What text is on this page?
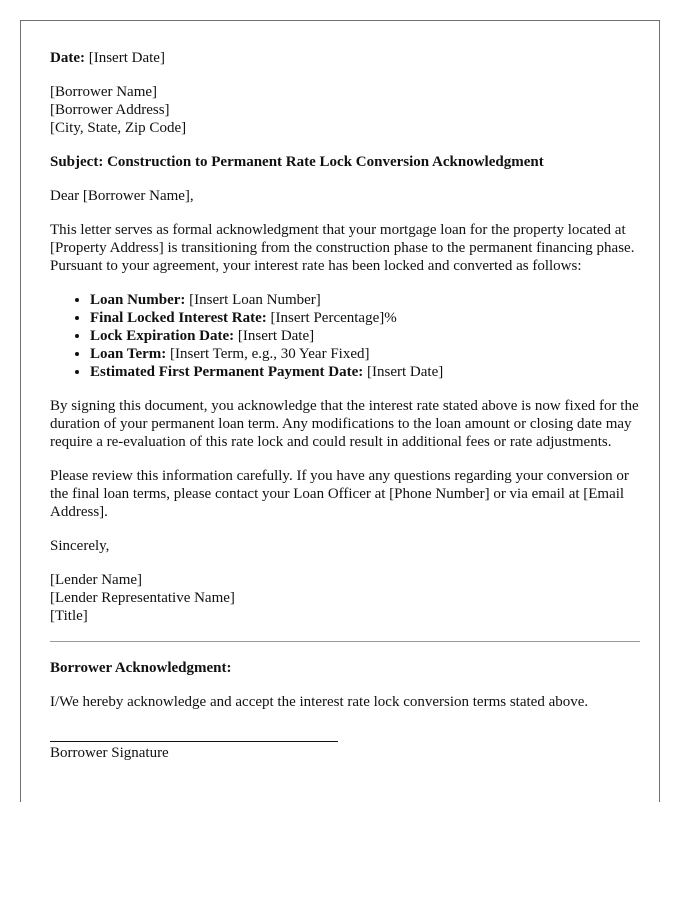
Date: [Insert Date]

[Borrower Name]
[Borrower Address]
[City, State, Zip Code]

Subject: Construction to Permanent Rate Lock Conversion Acknowledgment

Dear [Borrower Name],

This letter serves as formal acknowledgment that your mortgage loan for the property located at [Property Address] is transitioning from the construction phase to the permanent financing phase. Pursuant to your agreement, your interest rate has been locked and converted as follows:

• Loan Number: [Insert Loan Number]
• Final Locked Interest Rate: [Insert Percentage]%
• Lock Expiration Date: [Insert Date]
• Loan Term: [Insert Term, e.g., 30 Year Fixed]
• Estimated First Permanent Payment Date: [Insert Date]

By signing this document, you acknowledge that the interest rate stated above is now fixed for the duration of your permanent loan term. Any modifications to the loan amount or closing date may require a re-evaluation of this rate lock and could result in additional fees or rate adjustments.

Please review this information carefully. If you have any questions regarding your conversion or the final loan terms, please contact your Loan Officer at [Phone Number] or via email at [Email Address].

Sincerely,

[Lender Name]
[Lender Representative Name]
[Title]

Borrower Acknowledgment:

I/We hereby acknowledge and accept the interest rate lock conversion terms stated above.

Borrower Signature
